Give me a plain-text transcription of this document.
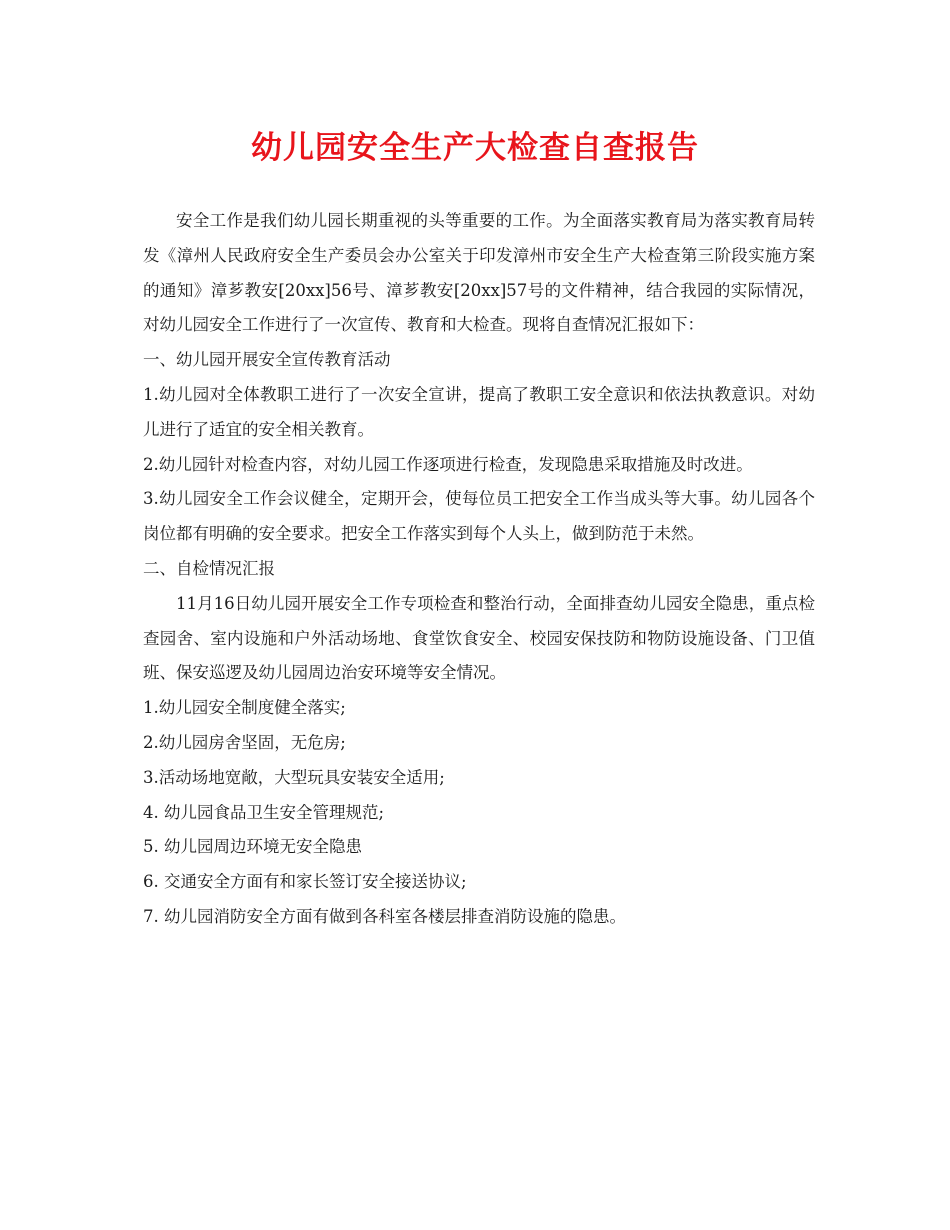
幼儿园安全生产大检查自查报告

安全工作是我们幼儿园长期重视的头等重要的工作。为全面落实教育局为落实教育局转发《漳州人民政府安全生产委员会办公室关于印发漳州市安全生产大检查第三阶段实施方案的通知》漳芗教安[20xx]56号、漳芗教安[20xx]57号的文件精神，结合我园的实际情况，对幼儿园安全工作进行了一次宣传、教育和大检查。现将自查情况汇报如下：

一、幼儿园开展安全宣传教育活动

1.幼儿园对全体教职工进行了一次安全宣讲，提高了教职工安全意识和依法执教意识。对幼儿进行了适宜的安全相关教育。

2.幼儿园针对检查内容，对幼儿园工作逐项进行检查，发现隐患采取措施及时改进。

3.幼儿园安全工作会议健全，定期开会，使每位员工把安全工作当成头等大事。幼儿园各个岗位都有明确的安全要求。把安全工作落实到每个人头上，做到防范于未然。

二、自检情况汇报

11月16日幼儿园开展安全工作专项检查和整治行动，全面排查幼儿园安全隐患，重点检查园舍、室内设施和户外活动场地、食堂饮食安全、校园安保技防和物防设施设备、门卫值班、保安巡逻及幼儿园周边治安环境等安全情况。

1.幼儿园安全制度健全落实;

2.幼儿园房舍坚固，无危房;

3.活动场地宽敞，大型玩具安装安全适用;

4. 幼儿园食品卫生安全管理规范;

5. 幼儿园周边环境无安全隐患

6. 交通安全方面有和家长签订安全接送协议;

7. 幼儿园消防安全方面有做到各科室各楼层排查消防设施的隐患。
